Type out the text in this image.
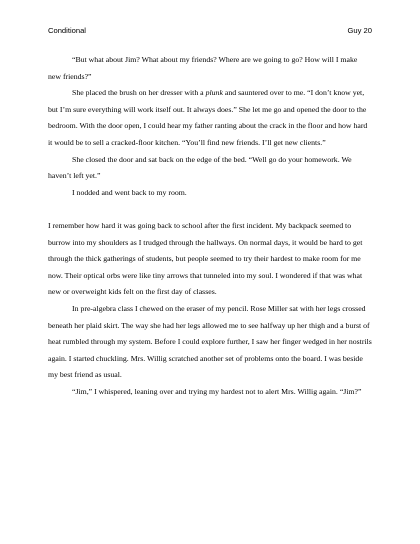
Conditional	Guy 20

“But what about Jim? What about my friends? Where are we going to go? How will I make new friends?”

She placed the brush on her dresser with a plunk and sauntered over to me. “I don’t know yet, but I’m sure everything will work itself out. It always does.” She let me go and opened the door to the bedroom. With the door open, I could hear my father ranting about the crack in the floor and how hard it would be to sell a cracked-floor kitchen. “You’ll find new friends. I’ll get new clients.”

She closed the door and sat back on the edge of the bed. “Well go do your homework. We haven’t left yet.”

I nodded and went back to my room.

I remember how hard it was going back to school after the first incident. My backpack seemed to burrow into my shoulders as I trudged through the hallways. On normal days, it would be hard to get through the thick gatherings of students, but people seemed to try their hardest to make room for me now. Their optical orbs were like tiny arrows that tunneled into my soul. I wondered if that was what new or overweight kids felt on the first day of classes.

In pre-algebra class I chewed on the eraser of my pencil. Rose Miller sat with her legs crossed beneath her plaid skirt. The way she had her legs allowed me to see halfway up her thigh and a burst of heat rumbled through my system. Before I could explore further, I saw her finger wedged in her nostrils again. I started chuckling. Mrs. Willig scratched another set of problems onto the board. I was beside my best friend as usual.

“Jim,” I whispered, leaning over and trying my hardest not to alert Mrs. Willig again. “Jim?”
